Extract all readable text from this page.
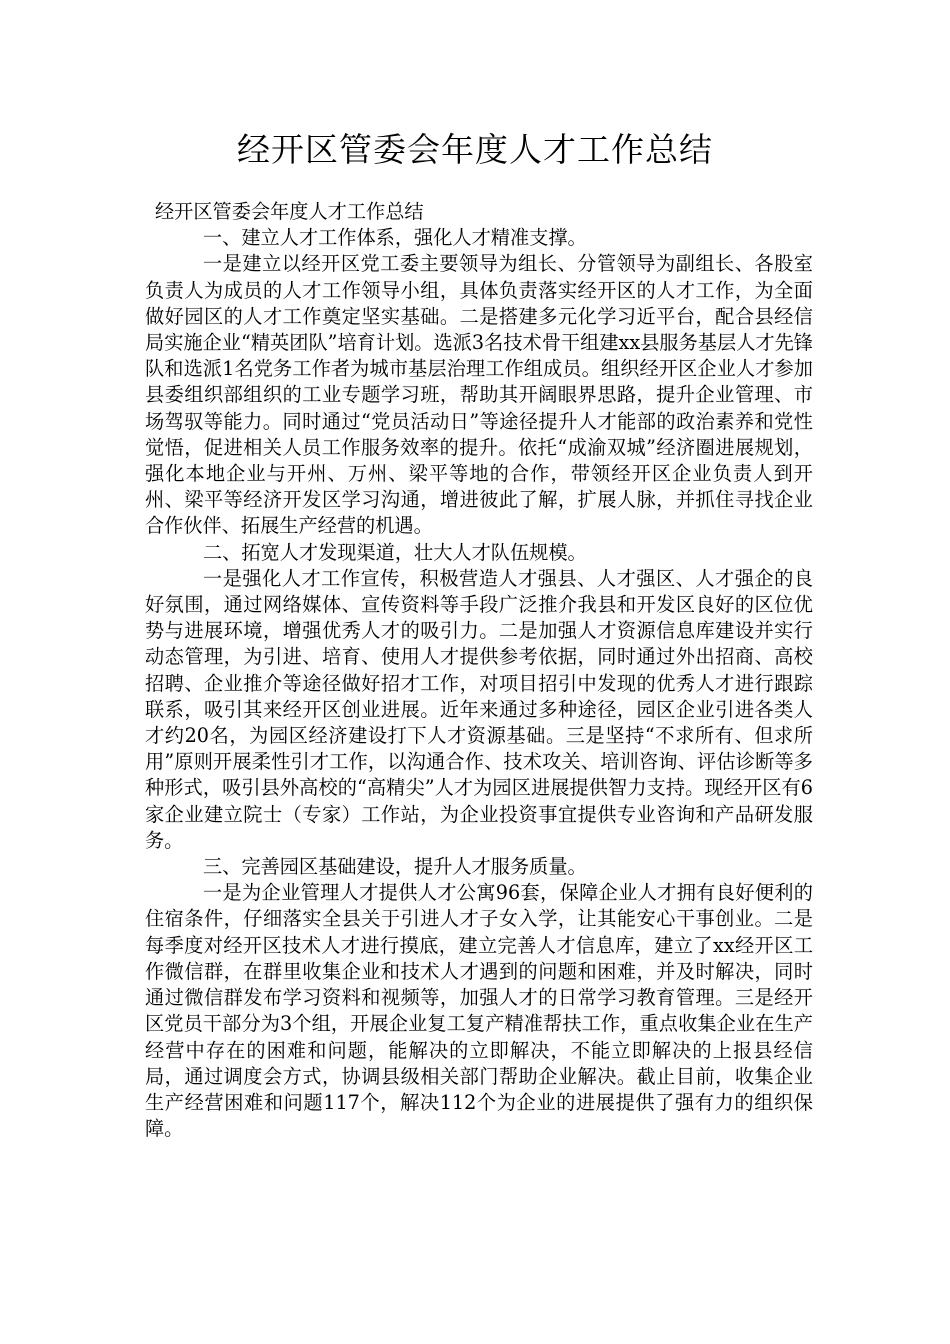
经开区管委会年度人才工作总结

经开区管委会年度人才工作总结

一、建立人才工作体系，强化人才精准支撑。

一是建立以经开区党工委主要领导为组长、分管领导为副组长、各股室负责人为成员的人才工作领导小组，具体负责落实经开区的人才工作，为全面做好园区的人才工作奠定坚实基础。二是搭建多元化学习近平台，配合县经信局实施企业“精英团队”培育计划。选派3名技术骨干组建xx县服务基层人才先锋队和选派1名党务工作者为城市基层治理工作组成员。组织经开区企业人才参加县委组织部组织的工业专题学习班，帮助其开阔眼界思路，提升企业管理、市场驾驭等能力。同时通过“党员活动日”等途径提升人才能部的政治素养和党性觉悟，促进相关人员工作服务效率的提升。依托“成渝双城”经济圈进展规划，强化本地企业与开州、万州、梁平等地的合作，带领经开区企业负责人到开州、梁平等经济开发区学习沟通，增进彼此了解，扩展人脉，并抓住寻找企业合作伙伴、拓展生产经营的机遇。

二、拓宽人才发现渠道，壮大人才队伍规模。

一是强化人才工作宣传，积极营造人才强县、人才强区、人才强企的良好氛围，通过网络媒体、宣传资料等手段广泛推介我县和开发区良好的区位优势与进展环境，增强优秀人才的吸引力。二是加强人才资源信息库建设并实行动态管理，为引进、培育、使用人才提供参考依据，同时通过外出招商、高校招聘、企业推介等途径做好招才工作，对项目招引中发现的优秀人才进行跟踪联系，吸引其来经开区创业进展。近年来通过多种途径，园区企业引进各类人才约20名，为园区经济建设打下人才资源基础。三是坚持“不求所有、但求所用”原则开展柔性引才工作，以沟通合作、技术攻关、培训咨询、评估诊断等多种形式，吸引县外高校的“高精尖”人才为园区进展提供智力支持。现经开区有6家企业建立院士（专家）工作站，为企业投资事宜提供专业咨询和产品研发服务。

三、完善园区基础建设，提升人才服务质量。

一是为企业管理人才提供人才公寓96套，保障企业人才拥有良好便利的住宿条件，仔细落实全县关于引进人才子女入学，让其能安心干事创业。二是每季度对经开区技术人才进行摸底，建立完善人才信息库，建立了xx经开区工作微信群，在群里收集企业和技术人才遇到的问题和困难，并及时解决，同时通过微信群发布学习资料和视频等，加强人才的日常学习教育管理。三是经开区党员干部分为3个组，开展企业复工复产精准帮扶工作，重点收集企业在生产经营中存在的困难和问题，能解决的立即解决，不能立即解决的上报县经信局，通过调度会方式，协调县级相关部门帮助企业解决。截止目前，收集企业生产经营困难和问题117个，解决112个为企业的进展提供了强有力的组织保障。
